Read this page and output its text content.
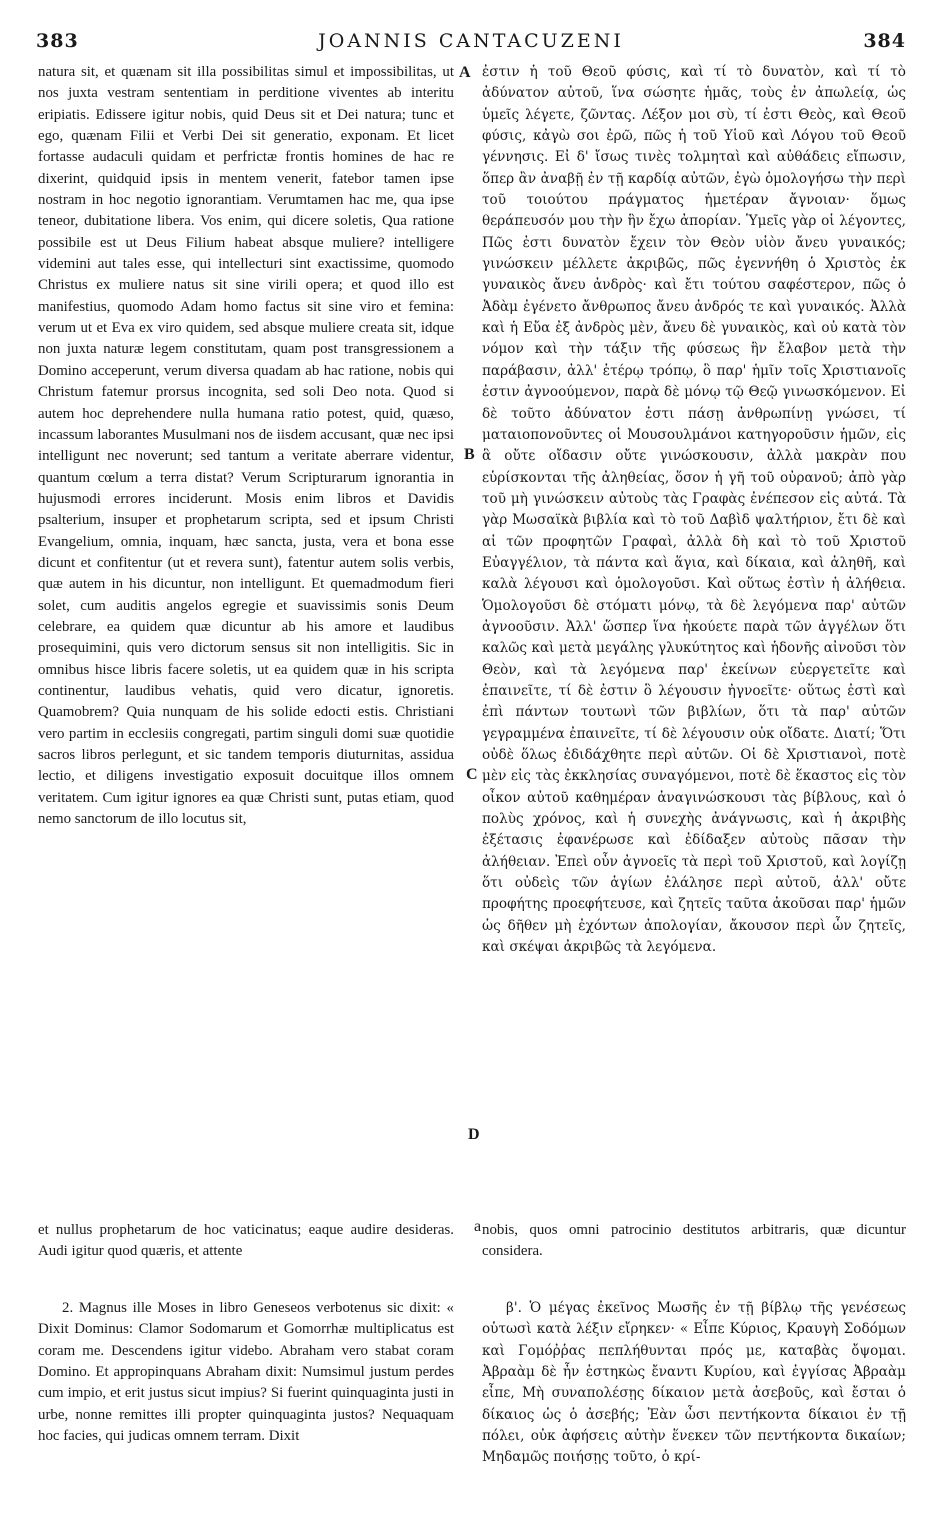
383	JOANNIS CANTACUZENI	384

natura sit, et quænam sit illa possibilitas simul et impossibilitas, ut nos juxta vestram sententiam in perditione viventes ab interitu eripiatis. Edissere igitur nobis, quid Deus sit et Dei natura; tunc et ego, quænam Filii et Verbi Dei sit generatio, exponam. Et licet fortasse audaculi quidam et perfrictæ frontis homines de hac re dixerint, quidquid ipsis in mentem venerit, fatebor tamen ipse nostram in hoc negotio ignorantiam. Verumtamen hac me, qua ipse teneor, dubitatione libera. Vos enim, qui dicere soletis, Qua ratione possibile est ut Deus Filium habeat absque muliere? intelligere videmini aut tales esse, qui intellecturi sint exactissime, quomodo Christus ex muliere natus sit sine virili opera; et quod illo est manifestius, quomodo Adam homo factus sit sine viro et femina: verum ut et Eva ex viro quidem, sed absque muliere creata sit, idque non juxta naturæ legem constitutam, quam post transgressionem a Domino acceperunt, verum diversa quadam ab hac ratione, nobis qui Christum fatemur prorsus incognita, sed soli Deo nota. Quod si autem hoc deprehendere nulla humana ratio potest, quid, quæso, incassum laborantes Musulmani nos de iisdem accusant, quæ nec ipsi intelligunt nec noverunt; sed tantum a veritate aberrare videntur, quantum cœlum a terra distat? Verum Scripturarum ignorantia in hujusmodi errores inciderunt. Mosis enim libros et Davidis psalterium, insuper et prophetarum scripta, sed et ipsum Christi Evangelium, omnia, inquam, hæc sancta, justa, vera et bona esse dicunt et confitentur (ut et revera sunt), fatentur autem solis verbis, quæ autem in his dicuntur, non intelligunt. Et quemadmodum fieri solet, cum auditis angelos egregie et suavissimis sonis Deum celebrare, ea quidem quæ dicuntur ab his amore et laudibus prosequimini, quis vero dictorum sensus sit non intelligitis. Sic in omnibus hisce libris facere soletis, ut ea quidem quæ in his scripta continentur, laudibus vehatis, quid vero dicatur, ignoretis. Quamobrem? Quia nunquam de his solide edocti estis. Christiani vero partim in ecclesiis congregati, partim singuli domi suæ quotidie sacros libros perlegunt, et sic tandem temporis diuturnitas, assidua lectio, et diligens investigatio exposuit docuitque illos omnem veritatem. Cum igitur ignores ea quæ Christi sunt, putas etiam, quod nemo sanctorum de illo locutus sit,

ἐστιν ἡ τοῦ Θεοῦ φύσις, καὶ τί τὸ δυνατὸν, καὶ τί τὸ ἀδύνατον αὐτοῦ, ἵνα σώσητε ἡμᾶς, τοὺς ἐν ἀπωλείᾳ, ὡς ὑμεῖς λέγετε, ζῶντας. Λέξον μοι σὺ, τί ἐστι Θεὸς, καὶ Θεοῦ φύσις, κἀγὼ σοι ἐρῶ, πῶς ἡ τοῦ Υἱοῦ καὶ Λόγου τοῦ Θεοῦ γέννησις. Εἰ δ' ἴσως τινὲς τολμηταὶ καὶ αὐθάδεις εἴπωσιν, ὅπερ ἂν ἀναβῇ ἐν τῇ καρδίᾳ αὐτῶν, ἐγὼ ὁμολογήσω τὴν περὶ τοῦ τοιούτου πράγματος ἡμετέραν ἄγνοιαν· ὅμως θεράπευσόν μου τὴν ἣν ἔχω ἀπορίαν. Ὑμεῖς γὰρ οἱ λέγοντες, Πῶς ἐστι δυνατὸν ἔχειν τὸν Θεὸν υἱὸν ἄνευ γυναικός; γινώσκειν μέλλετε ἀκριβῶς, πῶς ἐγεννήθη ὁ Χριστὸς ἐκ γυναικὸς ἄνευ ἀνδρὸς· καὶ ἔτι τούτου σαφέστερον, πῶς ὁ Ἀδὰμ ἐγένετο ἄνθρωπος ἄνευ ἀνδρός τε καὶ γυναικός. Ἀλλὰ καὶ ἡ Εὔα ἐξ ἀνδρὸς μὲν, ἄνευ δὲ γυναικὸς, καὶ οὐ κατὰ τὸν νόμον καὶ τὴν τάξιν τῆς φύσεως ἣν ἔλαβον μετὰ τὴν παράβασιν, ἀλλ' ἑτέρῳ τρόπῳ, ὃ παρ' ἡμῖν τοῖς Χριστιανοῖς ἐστιν ἀγνοούμενον, παρὰ δὲ μόνῳ τῷ Θεῷ γινωσκόμενον. Εἰ δὲ τοῦτο ἀδύνατον ἐστι πάσῃ ἀνθρωπίνῃ γνώσει, τί ματαιοπονοῦντες οἱ Μουσουλμάνοι κατηγοροῦσιν ἡμῶν, εἰς ἃ οὔτε οἴδασιν οὔτε γινώσκουσιν, ἀλλὰ μακρὰν που εὑρίσκονται τῆς ἀληθείας, ὅσον ἡ γῆ τοῦ οὐρανοῦ; ἀπὸ γὰρ τοῦ μὴ γινώσκειν αὐτοὺς τὰς Γραφὰς ἐνέπεσον εἰς αὐτά. Τὰ γὰρ Μωσαϊκὰ βιβλία καὶ τὸ τοῦ Δαβὶδ ψαλτήριον, ἔτι δὲ καὶ αἱ τῶν προφητῶν Γραφαὶ, ἀλλὰ δὴ καὶ τὸ τοῦ Χριστοῦ Εὐαγγέλιον, τὰ πάντα καὶ ἅγια, καὶ δίκαια, καὶ ἀληθῆ, καὶ καλὰ λέγουσι καὶ ὁμολογοῦσι. Καὶ οὕτως ἐστὶν ἡ ἀλήθεια. Ὁμολογοῦσι δὲ στόματι μόνῳ, τὰ δὲ λεγόμενα παρ' αὐτῶν ἀγνοοῦσιν. Ἀλλ' ὥσπερ ἵνα ἠκούετε παρὰ τῶν ἀγγέλων ὅτι καλῶς καὶ μετὰ μεγάλης γλυκύτητος καὶ ἡδονῆς αἰνοῦσι τὸν Θεὸν, καὶ τὰ λεγόμενα παρ' ἐκείνων εὐεργετεῖτε καὶ ἐπαινεῖτε, τί δὲ ἐστιν ὃ λέγουσιν ἠγνοεῖτε· οὕτως ἐστὶ καὶ ἐπὶ πάντων τουτωνὶ τῶν βιβλίων, ὅτι τὰ παρ' αὐτῶν γεγραμμένα ἐπαινεῖτε, τί δὲ λέγουσιν οὐκ οἴδατε. Διατί; Ὅτι οὐδὲ ὅλως ἐδιδάχθητε περὶ αὐτῶν. Οἱ δὲ Χριστιανοὶ, ποτὲ μὲν εἰς τὰς ἐκκλησίας συναγόμενοι, ποτὲ δὲ ἕκαστος εἰς τὸν οἶκον αὐτοῦ καθημέραν ἀναγινώσκουσι τὰς βίβλους, καὶ ὁ πολὺς χρόνος, καὶ ἡ συνεχὴς ἀνάγνωσις, καὶ ἡ ἀκριβὴς ἐξέτασις ἐφανέρωσε καὶ ἐδίδαξεν αὐτοὺς πᾶσαν τὴν ἀλήθειαν. Ἐπεὶ οὖν ἀγνοεῖς τὰ περὶ τοῦ Χριστοῦ, καὶ λογίζῃ ὅτι οὐδεὶς τῶν ἁγίων ἐλάλησε περὶ αὐτοῦ, ἀλλ' οὔτε προφήτης προεφήτευσε, καὶ ζητεῖς ταῦτα ἀκοῦσαι παρ' ἡμῶν ὡς δῆθεν μὴ ἐχόντων ἀπολογίαν, ἄκουσον περὶ ὧν ζητεῖς, καὶ σκέψαι ἀκριβῶς τὰ λεγόμενα.

A
B
C
D
a
et nullus prophetarum de hoc vaticinatus; eaque audire desideras. Audi igitur quod quæris, et attente
nobis, quos omni patrocinio destitutos arbitraris, quæ dicuntur considera.

2. Magnus ille Moses in libro Geneseos verbotenus sic dixit: « Dixit Dominus: Clamor Sodomarum et Gomorrhæ multiplicatus est coram me. Descendens igitur videbo. Abraham vero stabat coram Domino. Et appropinquans Abraham dixit: Numsimul justum perdes cum impio, et erit justus sicut impius? Si fuerint quinquaginta justi in urbe, nonne remittes illi propter quinquaginta justos? Nequaquam hoc facies, qui judicas omnem terram. Dixit

β'. Ὁ μέγας ἐκεῖνος Μωσῆς ἐν τῇ βίβλῳ τῆς γενέσεως οὑτωσὶ κατὰ λέξιν εἴρηκεν· « Εἶπε Κύριος, Κραυγὴ Σοδόμων καὶ Γομόῤῥας πεπλήθυνται πρός με, καταβὰς ὄψομαι. Ἀβραὰμ δὲ ἦν ἑστηκὼς ἔναντι Κυρίου, καὶ ἐγγίσας Ἀβραὰμ εἶπε, Μὴ συναπολέσῃς δίκαιον μετὰ ἀσεβοῦς, καὶ ἔσται ὁ δίκαιος ὡς ὁ ἀσεβής; Ἐὰν ὦσι πεντήκοντα δίκαιοι ἐν τῇ πόλει, οὐκ ἀφήσεις αὐτὴν ἕνεκεν τῶν πεντήκοντα δικαίων; Μηδαμῶς ποιήσῃς τοῦτο, ὁ κρί-
